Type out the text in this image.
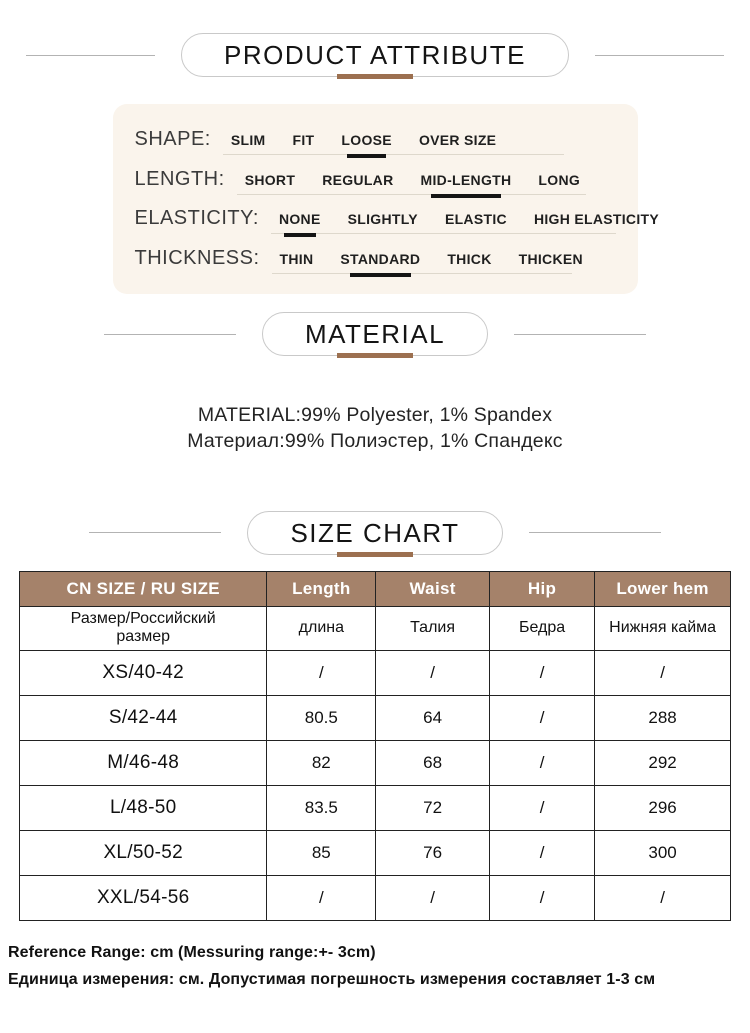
PRODUCT ATTRIBUTE
SHAPE: SLIM FIT LOOSE OVER SIZE
LENGTH: SHORT REGULAR MID-LENGTH LONG
ELASTICITY: NONE SLIGHTLY ELASTIC HIGH ELASTICITY
THICKNESS: THIN STANDARD THICK THICKEN
MATERIAL
MATERIAL:99% Polyester, 1% Spandex
Материал:99% Полиэстер, 1% Спандекс
SIZE CHART
CN SIZE / RU SIZE	Length	Waist	Hip	Lower hem
Размер/Российский
размер	длина	Талия	Бедра	Нижняя кайма
XS/40-42	/	/	/	/
S/42-44	80.5	64	/	288
M/46-48	82	68	/	292
L/48-50	83.5	72	/	296
XL/50-52	85	76	/	300
XXL/54-56	/	/	/	/
Reference Range: cm (Messuring range:+- 3cm)
Единица измерения: см. Допустимая погрешность измерения составляет 1-3 см
